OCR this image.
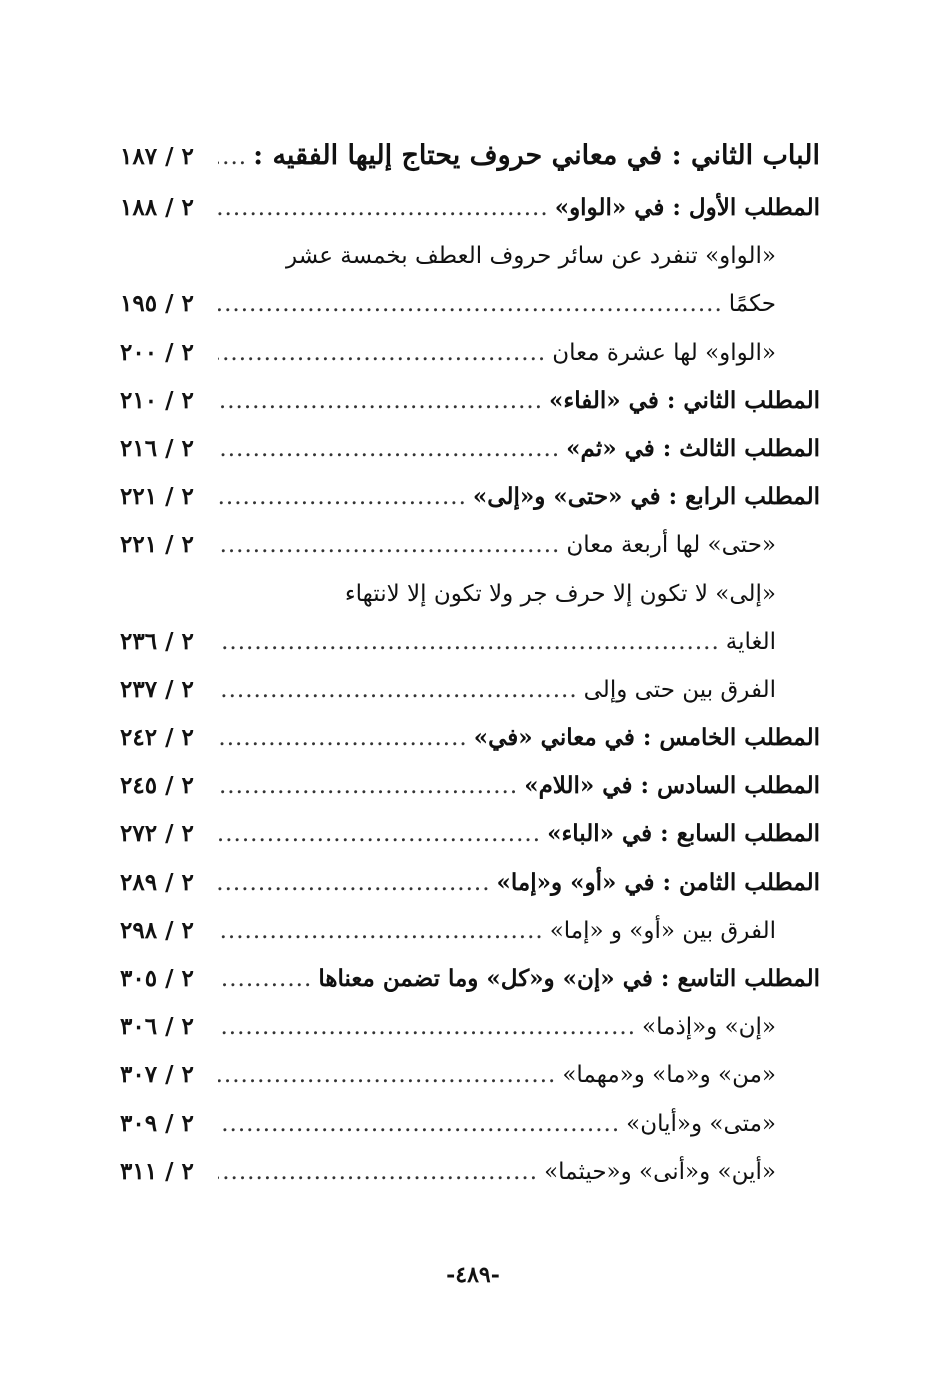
الباب الثاني : في معاني حروف يحتاج إليها الفقيه :
.....
٢ / ١٨٧
المطلب الأول : في «الواو»
.....
٢ / ١٨٨
«الواو» تنفرد عن سائر حروف العطف بخمسة عشر
حكمًا
.....
٢ / ١٩٥
«الواو» لها عشرة معان
.....
٢ / ٢٠٠
المطلب الثاني : في «الفاء»
.....
٢ / ٢١٠
المطلب الثالث : في «ثم»
.....
٢ / ٢١٦
المطلب الرابع : في «حتى» و«إلى»
.....
٢ / ٢٢١
«حتى» لها أربعة معان
.....
٢ / ٢٢١
«إلى» لا تكون إلا حرف جر ولا تكون إلا لانتهاء
الغاية
.....
٢ / ٢٣٦
الفرق بين حتى وإلى
.....
٢ / ٢٣٧
المطلب الخامس : في معاني «في»
.....
٢ / ٢٤٢
المطلب السادس : في «اللام»
.....
٢ / ٢٤٥
المطلب السابع : في «الباء»
.....
٢ / ٢٧٢
المطلب الثامن : في «أو» و«إما»
.....
٢ / ٢٨٩
الفرق بين «أو» و «إما»
.....
٢ / ٢٩٨
المطلب التاسع : في «إن» و«كل» وما تضمن معناها
.....
٢ / ٣٠٥
«إن» و«إذما»
.....
٢ / ٣٠٦
«من» و«ما» و«مهما»
.....
٢ / ٣٠٧
«متى» و«أيان»
.....
٢ / ٣٠٩
«أين» و«أنى» و«حيثما»
.....
٢ / ٣١١
-٤٨٩-
